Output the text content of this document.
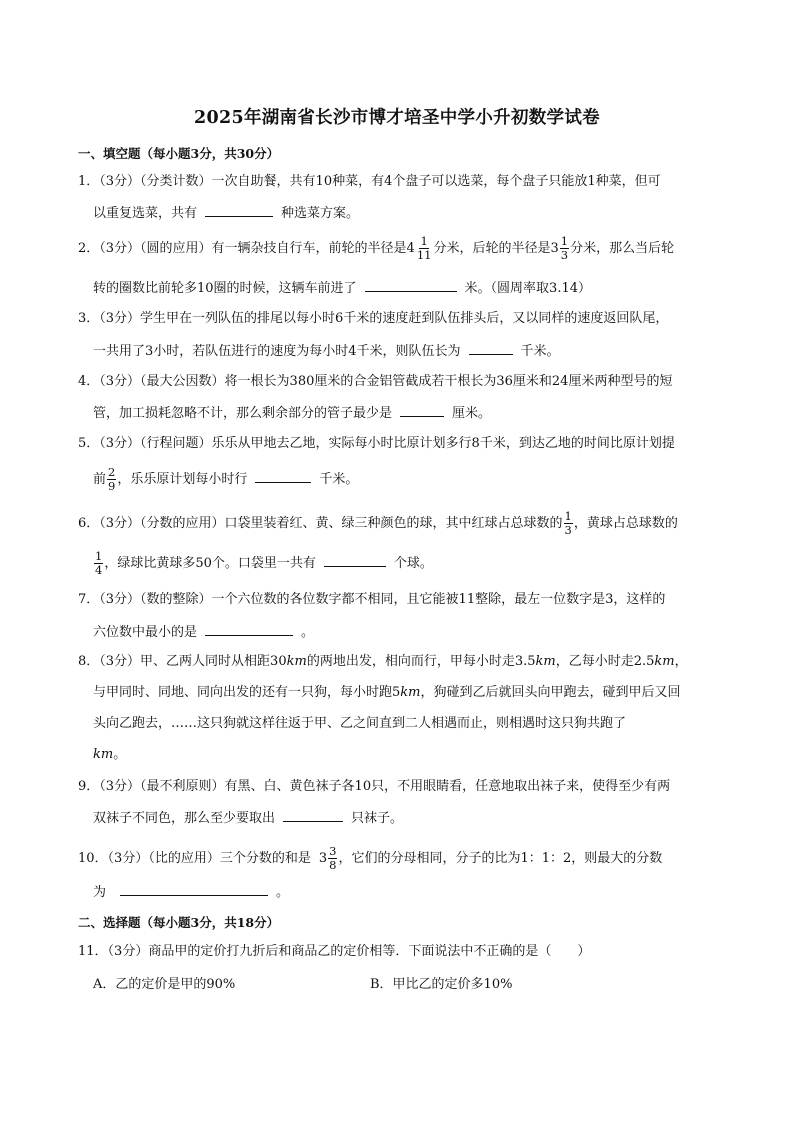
2025年湖南省长沙市博才培圣中学小升初数学试卷
一、填空题（每小题3分，共30分）
1．（3分）（分类计数）一次自助餐，共有10种菜，有4个盘子可以选菜，每个盘子只能放1种菜，但可
以重复选菜，共有	种选菜方案。
2．（3分）（圆的应用）有一辆杂技自行车，前轮的半径是$4 \frac{1}{11}$ 分米，后轮的半径是$3 \frac{1}{3}$ 分米，那么当后轮
转的圈数比前轮多10圈的时候，这辆车前进了	米。（圆周率取3.14）
3．（3分）学生甲在一列队伍的排尾以每小时6千米的速度赶到队伍排头后，又以同样的速度返回队尾，
一共用了3小时，若队伍进行的速度为每小时4千米，则队伍长为	千米。
4．（3分）（最大公因数）将一根长为380厘米的合金铝管截成若干根长为36厘米和24厘米两种型号的短
管，加工损耗忽略不计，那么剩余部分的管子最少是	厘米。
5．（3分）（行程问题）乐乐从甲地去乙地，实际每小时比原计划多行8千米，到达乙地的时间比原计划提
前 $\frac{2}{9}$ ，乐乐原计划每小时行	千米。
6．（3分）（分数的应用）口袋里装着红、黄、绿三种颜色的球，其中红球占总球数的 $\frac{1}{3}$ ，黄球占总球数的
$\frac{1}{4}$ ，绿球比黄球多50个。口袋里一共有	个球。
7．（3分）（数的整除）一个六位数的各位数字都不相同，且它能被11整除，最左一位数字是3，这样的
六位数中最小的是	。
8．（3分）甲、乙两人同时从相距30km的两地出发，相向而行，甲每小时走3.5km，乙每小时走2.5km，
与甲同时、同地、同向出发的还有一只狗，每小时跑5km，狗碰到乙后就回头向甲跑去，碰到甲后又回
头向乙跑去，……这只狗就这样往返于甲、乙之间直到二人相遇而止，则相遇时这只狗共跑了
km。
9．（3分）（最不利原则）有黑、白、黄色袜子各10只，不用眼睛看，任意地取出袜子来，使得至少有两
双袜子不同色，那么至少要取出	只袜子。
10．（3分）（比的应用）三个分数的和是 $3 \frac{3}{8}$ ，它们的分母相同，分子的比为1：1：2，则最大的分数
为	。
二、选择题（每小题3分，共18分）
11．（3分）商品甲的定价打九折后和商品乙的定价相等．下面说法中不正确的是（　　）
A．乙的定价是甲的90%	B．甲比乙的定价多10%
